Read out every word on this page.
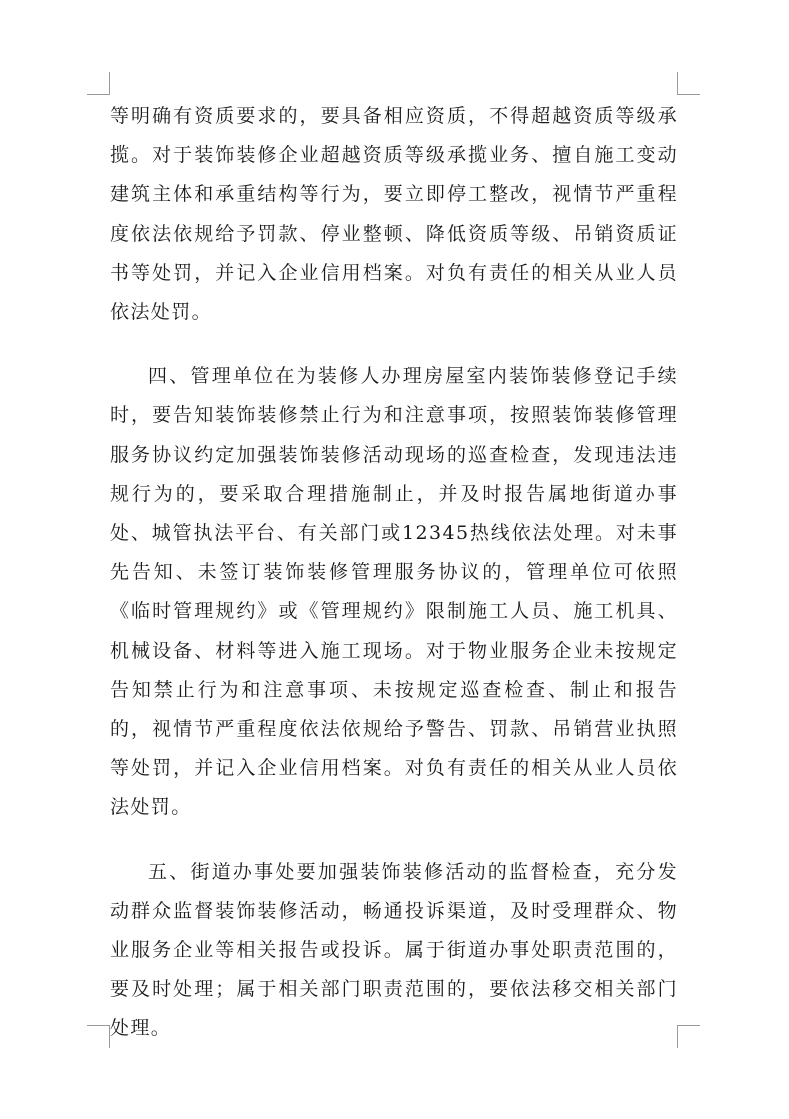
等明确有资质要求的，要具备相应资质，不得超越资质等级承揽。对于装饰装修企业超越资质等级承揽业务、擅自施工变动建筑主体和承重结构等行为，要立即停工整改，视情节严重程度依法依规给予罚款、停业整顿、降低资质等级、吊销资质证书等处罚，并记入企业信用档案。对负有责任的相关从业人员依法处罚。

四、管理单位在为装修人办理房屋室内装饰装修登记手续时，要告知装饰装修禁止行为和注意事项，按照装饰装修管理服务协议约定加强装饰装修活动现场的巡查检查，发现违法违规行为的，要采取合理措施制止，并及时报告属地街道办事处、城管执法平台、有关部门或12345热线依法处理。对未事先告知、未签订装饰装修管理服务协议的，管理单位可依照《临时管理规约》或《管理规约》限制施工人员、施工机具、机械设备、材料等进入施工现场。对于物业服务企业未按规定告知禁止行为和注意事项、未按规定巡查检查、制止和报告的，视情节严重程度依法依规给予警告、罚款、吊销营业执照等处罚，并记入企业信用档案。对负有责任的相关从业人员依法处罚。

五、街道办事处要加强装饰装修活动的监督检查，充分发动群众监督装饰装修活动，畅通投诉渠道，及时受理群众、物业服务企业等相关报告或投诉。属于街道办事处职责范围的，要及时处理；属于相关部门职责范围的，要依法移交相关部门处理。
